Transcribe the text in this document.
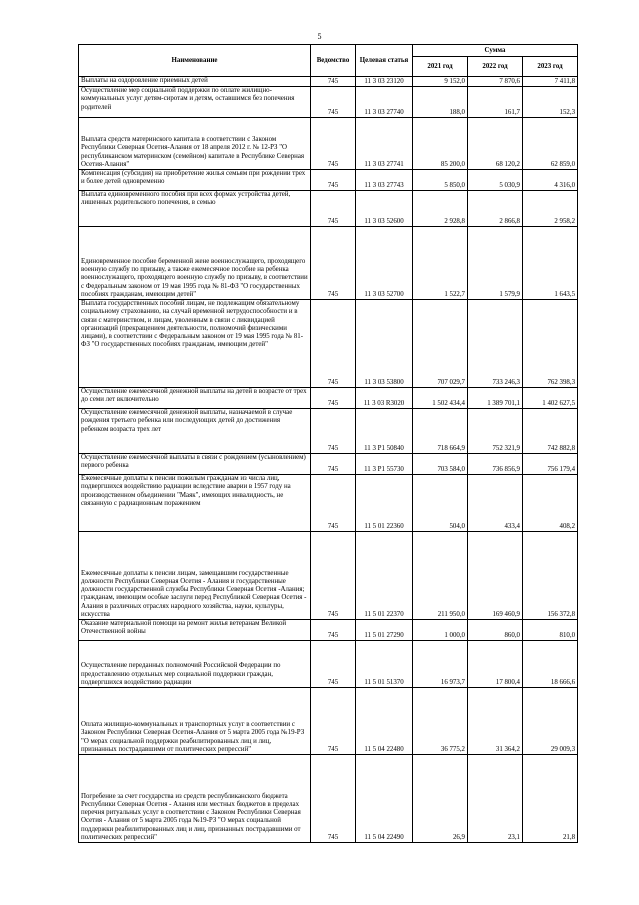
5
Наименование	Ведомство	Целевая статья	Сумма		
			2021 год	2022 год	2023 год
Выплаты на оздоровление приемных детей	745	11 3 03 23120	9 152,0	7 870,6	7 411,8
Осуществление мер социальной поддержки по оплате жилищно-коммунальных услуг детям-сиротам и детям, оставшимся без попечения родителей	745	11 3 03 27740	188,0	161,7	152,3
Выплата средств материнского капитала в соответствии с Законом Республики Северная Осетия-Алания от 18 апреля 2012 г. № 12-РЗ "О республиканском материнском (семейном) капитале в Республике Северная Осетия-Алания"	745	11 3 03 27741	85 200,0	68 120,2	62 859,0
Компенсация (субсидия) на приобретение жилья семьям при рождении трех и более детей одновременно	745	11 3 03 27743	5 850,0	5 030,9	4 316,0
Выплата единовременного пособия при всех формах устройства детей, лишенных родительского попечения, в семью	745	11 3 03 52600	2 928,8	2 866,8	2 958,2
Единовременное пособие беременной жене военнослужащего, проходящего военную службу по призыву, а также ежемесячное пособие на ребенка военнослужащего, проходящего военную службу по призыву, в соответствии с Федеральным законом от 19 мая 1995 года № 81-ФЗ "О государственных пособиях гражданам, имеющим детей"	745	11 3 03 52700	1 522,7	1 579,9	1 643,5
Выплата государственных пособий лицам, не подлежащим обязательному социальному страхованию, на случай временной нетрудоспособности и в связи с материнством, и лицам, уволенным в связи с ликвидацией организаций (прекращением деятельности, полномочий физическими лицами), в соответствии с Федеральным законом от 19 мая 1995 года № 81-ФЗ "О государственных пособиях гражданам, имеющим детей"	745	11 3 03 53800	707 029,7	733 246,3	762 398,3
Осуществление ежемесячной денежной выплаты на детей в возрасте от трех до семи лет включительно	745	11 3 03 R3020	1 502 434,4	1 389 701,1	1 402 627,5
Осуществление ежемесячной денежной выплаты, назначаемой в случае рождения третьего ребенка или последующих детей до достижения ребенком возраста трех лет	745	11 3 P1 50840	718 664,9	752 321,9	742 882,8
Осуществление ежемесячной выплаты в связи с рождением (усыновлением) первого ребенка	745	11 3 P1 55730	703 584,0	736 856,9	756 179,4
Ежемесячные доплаты к пенсии пожилым гражданам из числа лиц, подвергшихся воздействию радиации вследствие аварии в 1957 году на производственном объединении "Маяк", имеющих инвалидность, не связанную с радиационным поражением	745	11 5 01 22360	504,0	433,4	408,2
Ежемесячные доплаты к пенсии лицам, замещавшим государственные должности Республики Северная Осетия - Алания и государственные должности государственной службы Республики Северная Осетия -Алания; гражданам, имеющим особые заслуги перед Республикой Северная Осетия - Алания в различных отраслях народного хозяйства, науки, культуры, искусства	745	11 5 01 22370	211 950,0	169 460,9	156 372,8
Оказание материальной помощи на ремонт жилья ветеранам Великой Отечественной войны	745	11 5 01 27290	1 000,0	860,0	810,0
Осуществление переданных полномочий Российской Федерации по предоставлению отдельных мер социальной поддержки граждан, подвергшихся воздействию радиации	745	11 5 01 51370	16 973,7	17 800,4	18 666,6
Оплата жилищно-коммунальных и транспортных услуг в соответствии с Законом Республики Северная Осетия-Алания от 5 марта 2005 года №19-РЗ "О мерах социальной поддержки реабилитированных лиц и лиц, признанных пострадавшими от политических репрессий"	745	11 5 04 22480	36 775,2	31 364,2	29 009,3
Погребение за счет государства из средств республиканского бюджета Республики Северная Осетия - Алания или местных бюджетов в пределах перечня ритуальных услуг в соответствии с Законом Республики Северная Осетия - Алания от 5 марта 2005 года №19-РЗ "О мерах социальной поддержки реабилитированных лиц и лиц, признанных пострадавшими от политических репрессий"	745	11 5 04 22490	26,9	23,1	21,8
